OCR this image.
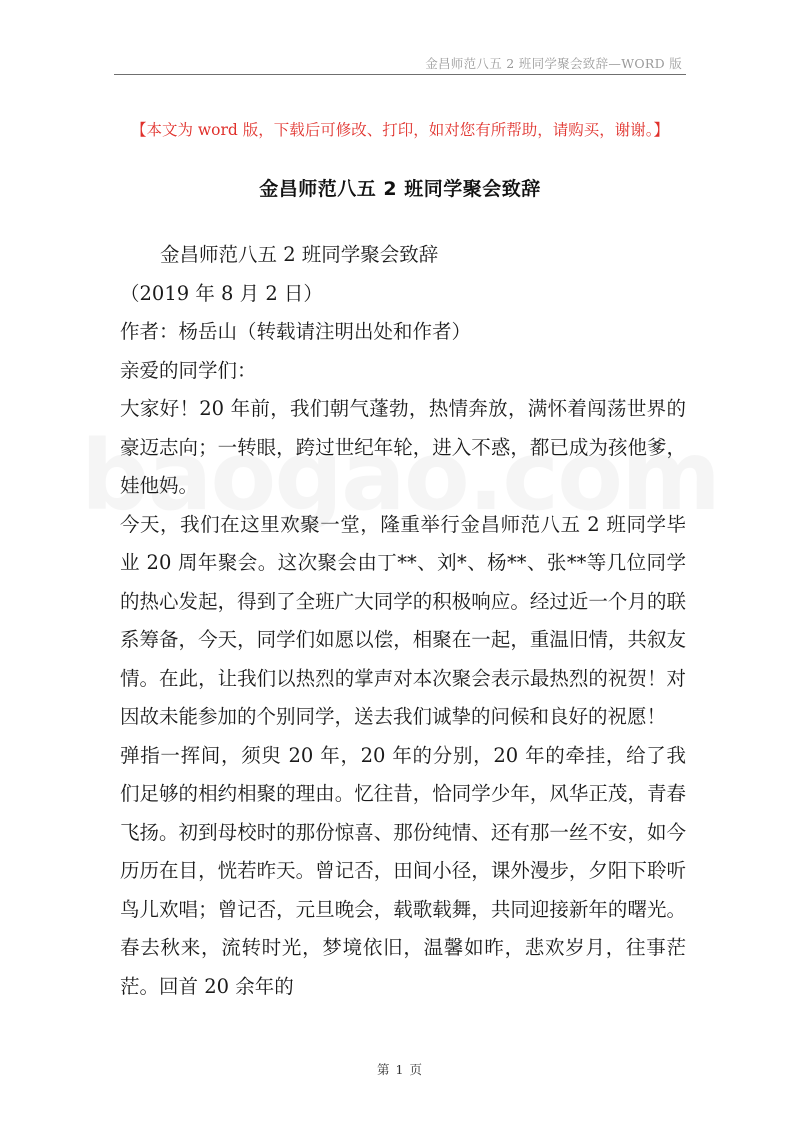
金昌师范八五 2 班同学聚会致辞—WORD 版
【本文为 word 版，下载后可修改、打印，如对您有所帮助，请购买，谢谢。】
金昌师范八五 2 班同学聚会致辞

金昌师范八五 2 班同学聚会致辞

（2019 年 8 月 2 日）

作者：杨岳山（转载请注明出处和作者）

亲爱的同学们：

大家好！20 年前，我们朝气蓬勃，热情奔放，满怀着闯荡世界的豪迈志向；一转眼，跨过世纪年轮，进入不惑，都已成为孩他爹，娃他妈。

今天，我们在这里欢聚一堂，隆重举行金昌师范八五 2 班同学毕业 20 周年聚会。这次聚会由丁**、刘*、杨**、张**等几位同学的热心发起，得到了全班广大同学的积极响应。经过近一个月的联系筹备，今天，同学们如愿以偿，相聚在一起，重温旧情，共叙友情。在此，让我们以热烈的掌声对本次聚会表示最热烈的祝贺！对因故未能参加的个别同学，送去我们诚挚的问候和良好的祝愿！

弹指一挥间，须臾 20 年，20 年的分别，20 年的牵挂，给了我们足够的相约相聚的理由。忆往昔，恰同学少年，风华正茂，青春飞扬。初到母校时的那份惊喜、那份纯情、还有那一丝不安，如今历历在目，恍若昨天。曾记否，田间小径，课外漫步，夕阳下聆听鸟儿欢唱；曾记否，元旦晚会，载歌载舞，共同迎接新年的曙光。春去秋来，流转时光，梦境依旧，温馨如昨，悲欢岁月，往事茫茫。回首 20 余年的

第 1 页
